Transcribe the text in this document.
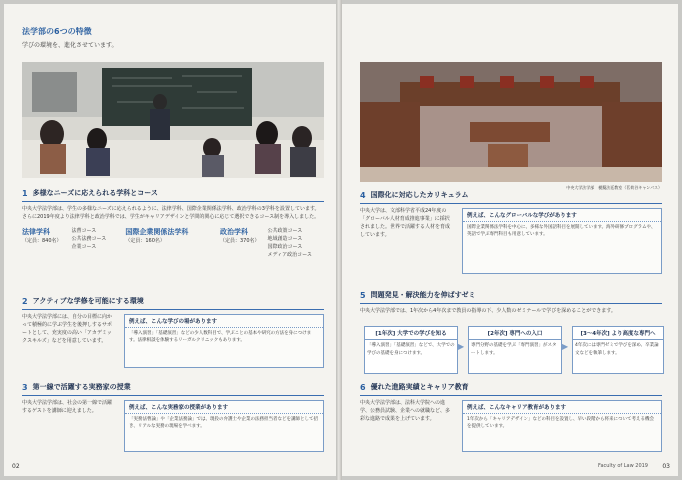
法学部の6つの特徴
学びの環境を、進化させています。
1 多様なニーズに応えられる学科とコース
中央大学法学部は、学生の多様なニーズに応えられるように、法律学科、国際企業関係法学科、政治学科の3学科を設置しています。
さらに2019年度より法律学科と政治学科では、学生がキャリアデザインと学問的関心に応じて選択できるコース制を導入しました。
法律学科
（定員：840名）
法曹コース
公共法務コース
企業コース
国際企業関係法学科
（定員：160名）
政治学科
（定員：370名）
公共政策コース
地域創造コース
国際政治コース
メディア政治コース
2 アクティブな学修を可能にする環境
中央大学法学部には、自分の目標に向かって積極的に学ぶ学生を後押しするサポートとして、充実度の高い「アカデミックスキルズ」などを用意しています。
例えば、こんな学びの場があります
「導入演習」「基礎演習」などの少人数科目で、学ぶことの基本や研究の方法を身につけます。法律相談を体験するリーガルクリニックもあります。
3 第一線で活躍する実務家の授業
中央大学法学部は、社会の第一線で活躍するゲストを講師に迎えました。	例えば、こんな実務家の授業があります
「実務法曹論」や「企業法務論」では、現役の弁護士や企業の法務担当者などを講師として招き、リアルな実務の現場を学べます。
02
中央大学法学部　模擬法廷教室（茗荷谷キャンパス）
4 国際化に対応したカリキュラム
中央大学は、文部科学省平成24年度の「グローバル人材育成推進事業」に採択されました。世界で活躍する人材を育成しています。
例えば、こんなグローバルな学びがあります
国際企業関係法学科を中心に、多様な外国語科目を展開しています。海外研修プログラムや、英語で学ぶ専門科目も用意しています。
5 問題発見・解決能力を伸ばすゼミ
中央大学法学部では、1年次から4年次まで教員の指導の下、少人数のゼミナールで学びを深めることができます。
[1年次] 大学での学びを知る
「導入演習」「基礎演習」などで、大学での学びの基礎を身につけます。
▶
[2年次] 専門への入口
専門分野の基礎を学ぶ「専門演習」がスタートします。
▶
[3～4年次] より高度な専門へ
4年次には専門ゼミで学びを深め、卒業論文などを執筆します。
6 優れた進路実績とキャリア教育
中央大学法学部は、法科大学院への進学、公務員試験、企業への就職など、多彩な進路で成果を上げています。
例えば、こんなキャリア教育があります
1年次から「キャリアデザイン」などの科目を設置し、早い段階から将来について考える機会を提供しています。
Faculty of Law 2019 03
